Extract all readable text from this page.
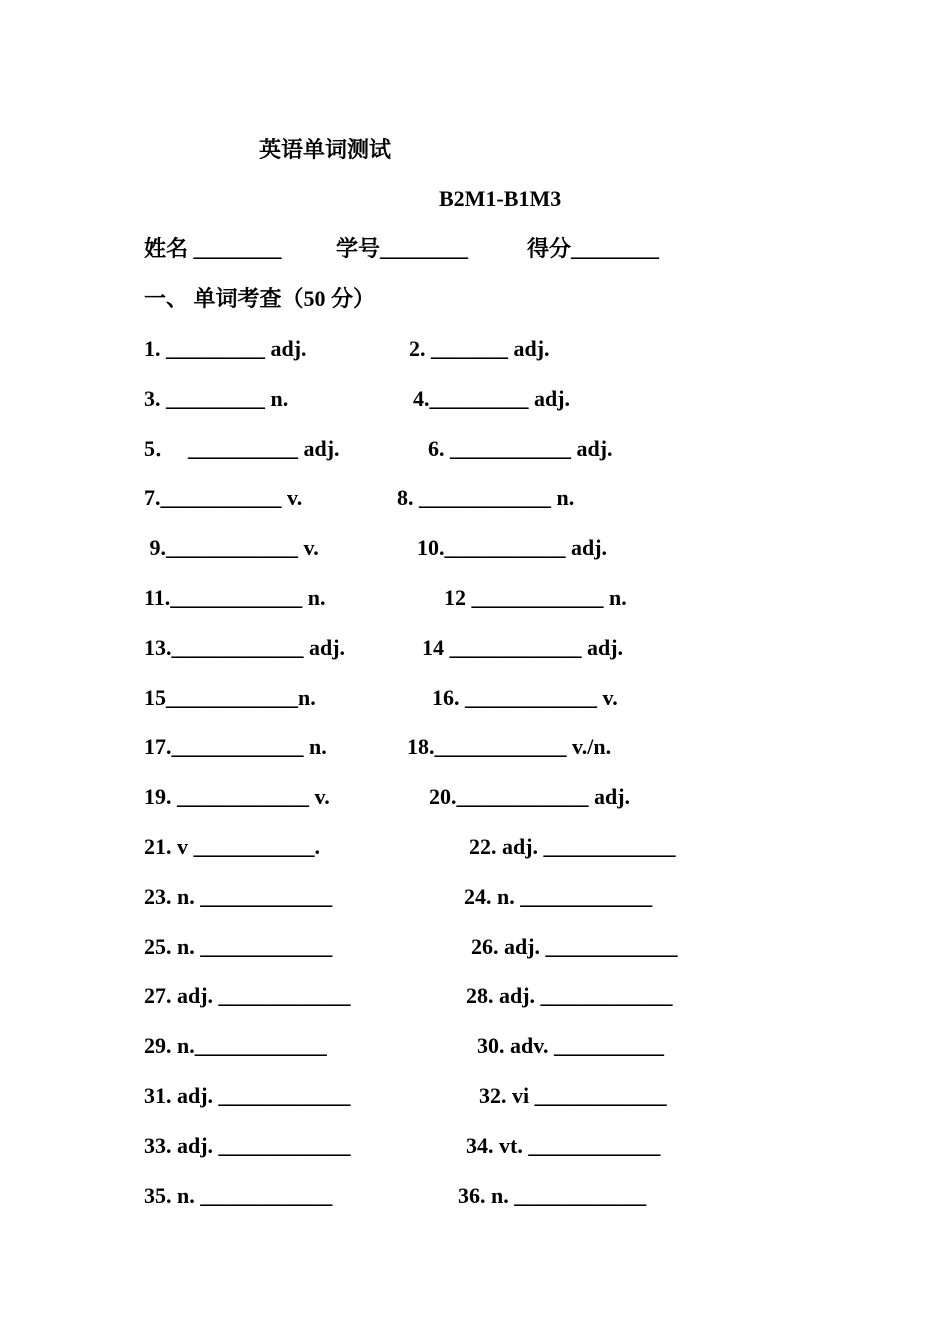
英语单词测试
B2M1-B1M3
姓名 ________ 学号________	得分________
一、 单词考查（50 分）
1. _________ adj.	2. _______ adj.
3. _________ n.	4._________ adj.
5．  __________ adj.	6. ___________ adj.
7.___________ v.	8. ____________ n.
9.____________ v.	10.___________ adj.
11.____________ n.	12 ____________ n.
13.____________ adj.	14 ____________ adj.
15____________n.	16. ____________ v.
17.____________ n.	18.____________ v./n.
19. ____________ v.	20.____________ adj.
21. v ___________.	22. adj. ____________
23. n. ____________	24. n. ____________
25. n. ____________	26. adj. ____________
27. adj. ____________	28. adj. ____________
29. n.____________	30. adv. __________
31. adj. ____________	32. vi ____________
33. adj. ____________	34. vt. ____________
35. n. ____________	36. n. ____________
